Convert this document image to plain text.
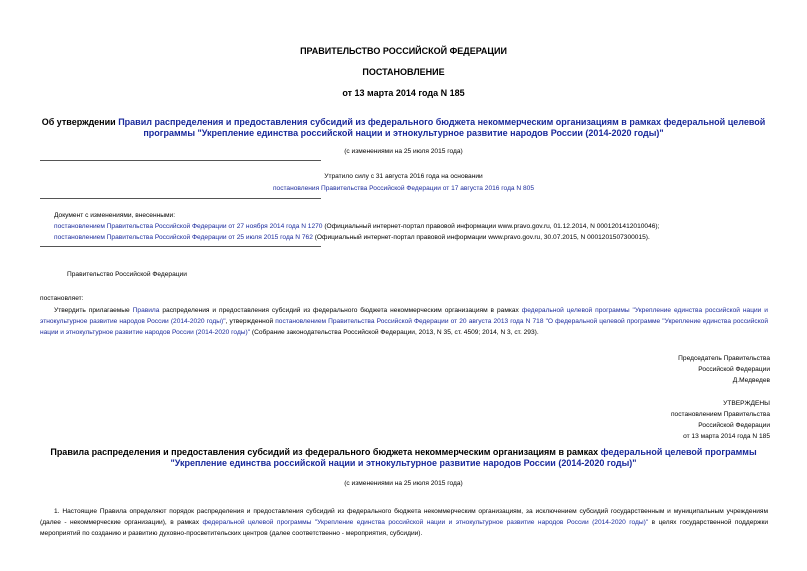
ПРАВИТЕЛЬСТВО РОССИЙСКОЙ ФЕДЕРАЦИИ
ПОСТАНОВЛЕНИЕ
от 13 марта 2014 года N 185
Об утверждении Правил распределения и предоставления субсидий из федерального бюджета некоммерческим организациям в рамках федеральной целевой
программы "Укрепление единства российской нации и этнокультурное развитие народов России (2014-2020 годы)"
(с изменениями на 25 июля 2015 года)
Утратило силу с 31 августа 2016 года на основании
постановления Правительства Российской Федерации от 17 августа 2016 года N 805
Документ с изменениями, внесенными:
постановлением Правительства Российской Федерации от 27 ноября 2014 года N 1270 (Официальный интернет-портал правовой информации www.pravo.gov.ru, 01.12.2014, N 0001201412010046);
постановлением Правительства Российской Федерации от 25 июля 2015 года N 762 (Официальный интернет-портал правовой информации www.pravo.gov.ru, 30.07.2015, N 0001201507300015).
Правительство Российской Федерации
постановляет:
Утвердить прилагаемые Правила распределения и предоставления субсидий из федерального бюджета некоммерческим организациям в рамках федеральной целевой программы "Укрепление единства российской нации и этнокультурное развитие народов России (2014-2020 годы)", утвержденной постановлением Правительства Российской Федерации от 20 августа 2013 года N 718 "О федеральной целевой программе "Укрепление единства российской нации и этнокультурное развитие народов России (2014-2020 годы)" (Собрание законодательства Российской Федерации, 2013, N 35, ст. 4509; 2014, N 3, ст. 293).
Председатель Правительства
Российской Федерации
Д.Медведев
УТВЕРЖДЕНЫ
постановлением Правительства
Российской Федерации
от 13 марта 2014 года N 185
Правила распределения и предоставления субсидий из федерального бюджета некоммерческим организациям в рамках федеральной целевой программы
"Укрепление единства российской нации и этнокультурное развитие народов России (2014-2020 годы)"
(с изменениями на 25 июля 2015 года)
1. Настоящие Правила определяют порядок распределения и предоставления субсидий из федерального бюджета некоммерческим организациям, за исключением субсидий государственным и муниципальным учреждениям (далее - некоммерческие организации), в рамках федеральной целевой программы "Укрепление единства российской нации и этнокультурное развитие народов России (2014-2020 годы)" в целях государственной поддержки мероприятий по созданию и развитию духовно-просветительских центров (далее соответственно - мероприятия, субсидии).
